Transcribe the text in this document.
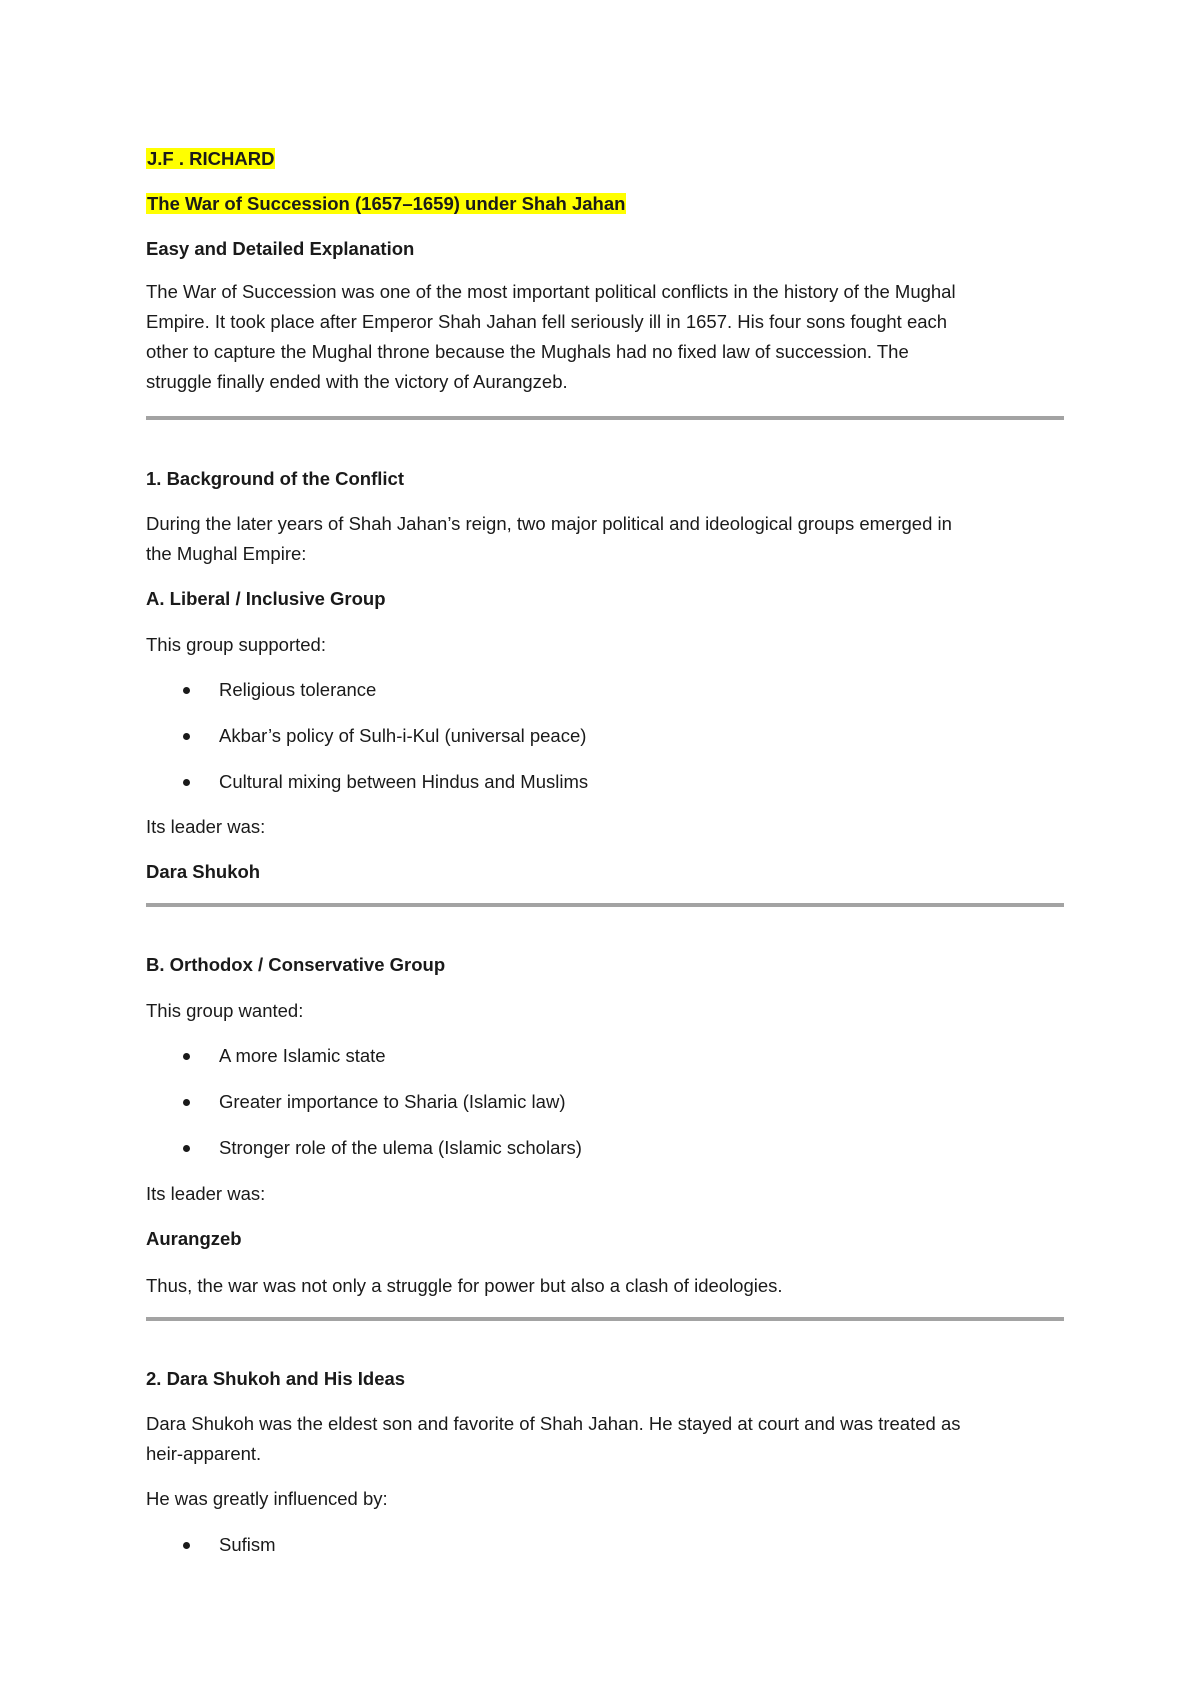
J.F . RICHARD
The War of Succession (1657–1659) under Shah Jahan
Easy and Detailed Explanation
The War of Succession was one of the most important political conflicts in the history of the Mughal
Empire. It took place after Emperor Shah Jahan fell seriously ill in 1657. His four sons fought each
other to capture the Mughal throne because the Mughals had no fixed law of succession. The
struggle finally ended with the victory of Aurangzeb.
1. Background of the Conflict
During the later years of Shah Jahan’s reign, two major political and ideological groups emerged in
the Mughal Empire:
A. Liberal / Inclusive Group
This group supported:
Religious tolerance
Akbar’s policy of Sulh-i-Kul (universal peace)
Cultural mixing between Hindus and Muslims
Its leader was:
Dara Shukoh
B. Orthodox / Conservative Group
This group wanted:
A more Islamic state
Greater importance to Sharia (Islamic law)
Stronger role of the ulema (Islamic scholars)
Its leader was:
Aurangzeb
Thus, the war was not only a struggle for power but also a clash of ideologies.
2. Dara Shukoh and His Ideas
Dara Shukoh was the eldest son and favorite of Shah Jahan. He stayed at court and was treated as
heir-apparent.
He was greatly influenced by:
Sufism
